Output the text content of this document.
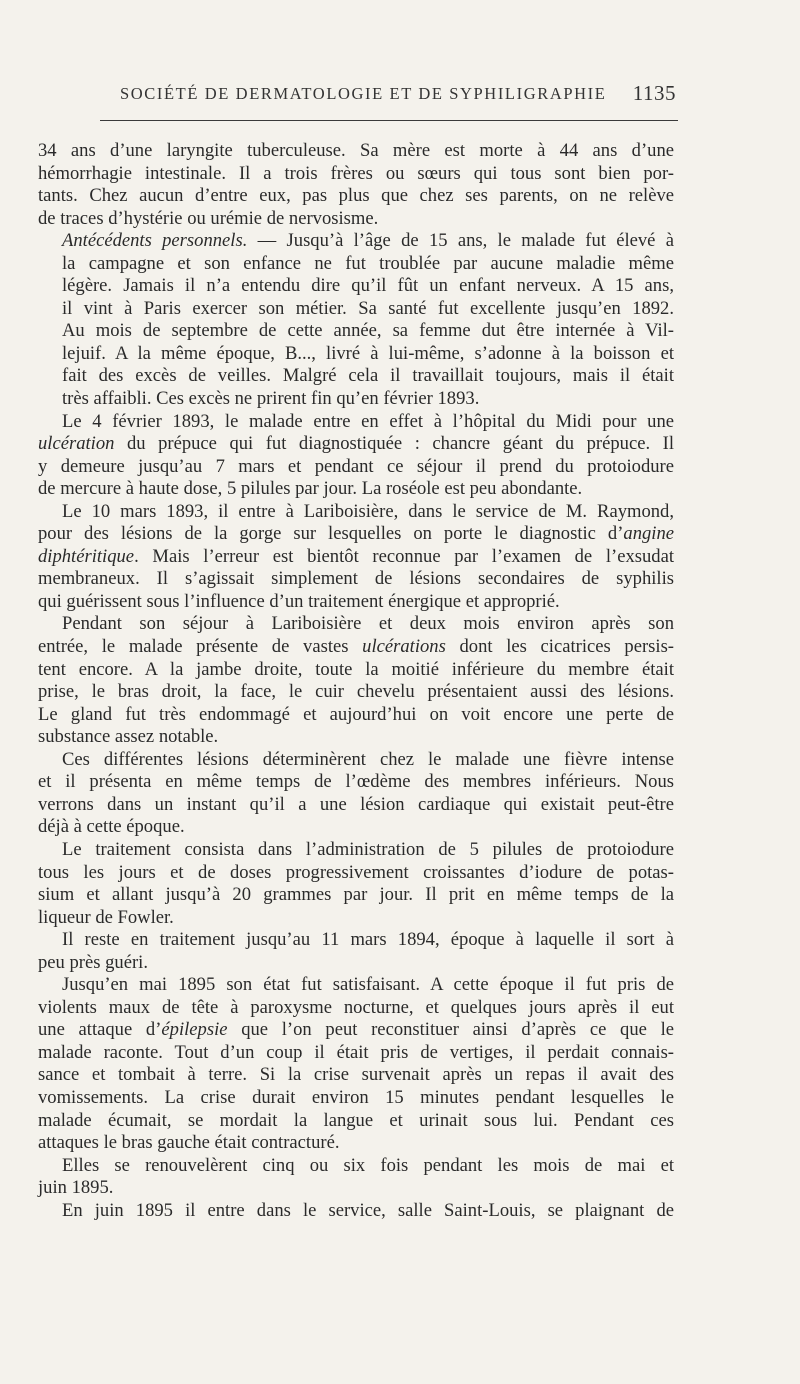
SOCIÉTÉ DE DERMATOLOGIE ET DE SYPHILIGRAPHIE 1135

34 ans d’une laryngite tuberculeuse. Sa mère est morte à 44 ans d’une
hémorrhagie intestinale. Il a trois frères ou sœurs qui tous sont bien por-
tants. Chez aucun d’entre eux, pas plus que chez ses parents, on ne relève
de traces d’hystérie ou urémie de nervosisme.

Antécédents personnels. — Jusqu’à l’âge de 15 ans, le malade fut élevé à
la campagne et son enfance ne fut troublée par aucune maladie même
légère. Jamais il n’a entendu dire qu’il fût un enfant nerveux. A 15 ans,
il vint à Paris exercer son métier. Sa santé fut excellente jusqu’en 1892.
Au mois de septembre de cette année, sa femme dut être internée à Vil-
lejuif. A la même époque, B..., livré à lui-même, s’adonne à la boisson et
fait des excès de veilles. Malgré cela il travaillait toujours, mais il était
très affaibli. Ces excès ne prirent fin qu’en février 1893.

Le 4 février 1893, le malade entre en effet à l’hôpital du Midi pour une
ulcération du prépuce qui fut diagnostiquée : chancre géant du prépuce. Il
y demeure jusqu’au 7 mars et pendant ce séjour il prend du protoiodure
de mercure à haute dose, 5 pilules par jour. La roséole est peu abondante.

Le 10 mars 1893, il entre à Lariboisière, dans le service de M. Raymond,
pour des lésions de la gorge sur lesquelles on porte le diagnostic d’angine
diphtéritique. Mais l’erreur est bientôt reconnue par l’examen de l’exsudat
membraneux. Il s’agissait simplement de lésions secondaires de syphilis
qui guérissent sous l’influence d’un traitement énergique et approprié.

Pendant son séjour à Lariboisière et deux mois environ après son
entrée, le malade présente de vastes ulcérations dont les cicatrices persis-
tent encore. A la jambe droite, toute la moitié inférieure du membre était
prise, le bras droit, la face, le cuir chevelu présentaient aussi des lésions.
Le gland fut très endommagé et aujourd’hui on voit encore une perte de
substance assez notable.

Ces différentes lésions déterminèrent chez le malade une fièvre intense
et il présenta en même temps de l’œdème des membres inférieurs. Nous
verrons dans un instant qu’il a une lésion cardiaque qui existait peut-être
déjà à cette époque.

Le traitement consista dans l’administration de 5 pilules de protoiodure
tous les jours et de doses progressivement croissantes d’iodure de potas-
sium et allant jusqu’à 20 grammes par jour. Il prit en même temps de la
liqueur de Fowler.

Il reste en traitement jusqu’au 11 mars 1894, époque à laquelle il sort à
peu près guéri.

Jusqu’en mai 1895 son état fut satisfaisant. A cette époque il fut pris de
violents maux de tête à paroxysme nocturne, et quelques jours après il eut
une attaque d’épilepsie que l’on peut reconstituer ainsi d’après ce que le
malade raconte. Tout d’un coup il était pris de vertiges, il perdait connais-
sance et tombait à terre. Si la crise survenait après un repas il avait des
vomissements. La crise durait environ 15 minutes pendant lesquelles le
malade écumait, se mordait la langue et urinait sous lui. Pendant ces
attaques le bras gauche était contracturé.

Elles se renouvelèrent cinq ou six fois pendant les mois de mai et
juin 1895.

En juin 1895 il entre dans le service, salle Saint-Louis, se plaignant de
